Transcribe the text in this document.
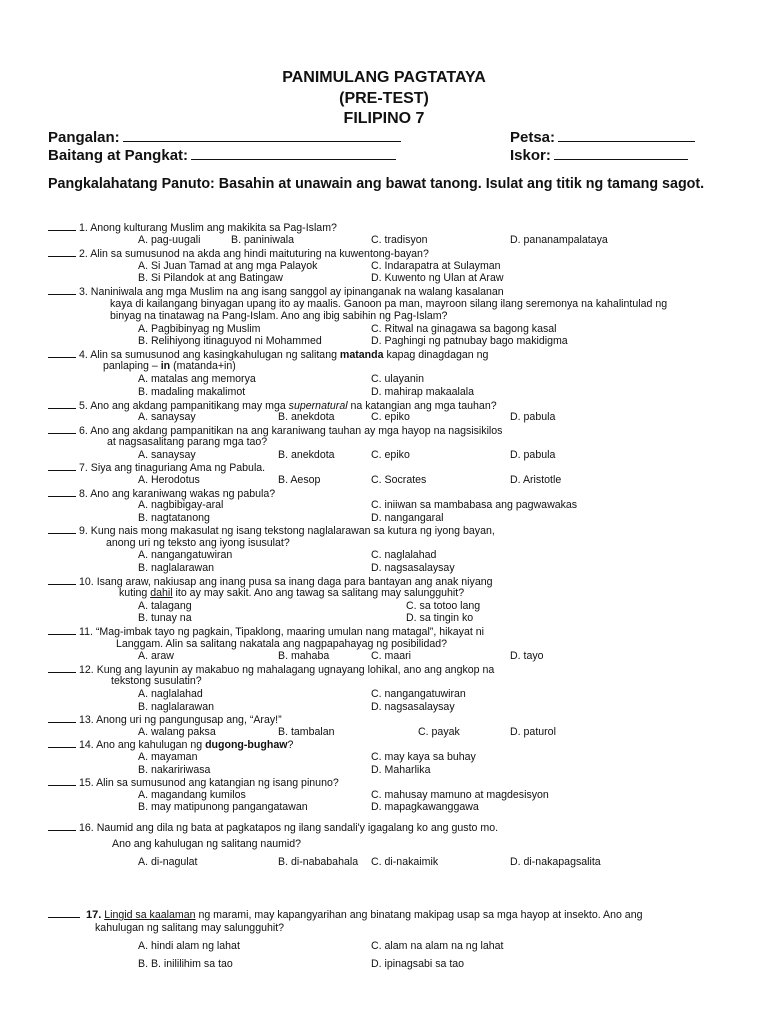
PANIMULANG PAGTATAYA
(PRE-TEST)
FILIPINO 7
Pangalan:	Petsa:
Baitang at Pangkat:	Iskor:
Pangkalahatang Panuto: Basahin at unawain ang bawat tanong. Isulat ang titik ng tamang sagot.
1. Anong kulturang Muslim ang makikita sa Pag-Islam?
A. pag-uugali	B. paniniwala	C. tradisyon	D. pananampalataya
2. Alin sa sumusunod na akda ang hindi maituturing na kuwentong-bayan?
A. Si Juan Tamad at ang mga Palayok
B. Si Pilandok at ang Batingaw
C. Indarapatra at Sulayman
D. Kuwento ng Ulan at Araw
3. Naniniwala ang mga Muslim na ang isang sanggol ay ipinanganak na walang kasalanan
kaya di kailangang binyagan upang ito ay maalis. Ganoon pa man, mayroon silang ilang seremonya na kahalintulad ng
binyag na tinatawag na Pang-Islam. Ano ang ibig sabihin ng Pag-Islam?
A. Pagbibinyag ng Muslim
B. Relihiyong itinaguyod ni Mohammed
C. Ritwal na ginagawa sa bagong kasal
D. Paghingi ng patnubay bago makidigma
4. Alin sa sumusunod ang kasingkahulugan ng salitang matanda kapag dinagdagan ng
panlaping – in (matanda+in)
A. matalas ang memorya
B. madaling makalimot
C. ulayanin
D. mahirap makaalala
5. Ano ang akdang pampanitikang may mga supernatural na katangian ang mga tauhan?
A. sanaysay	B. anekdota	C. epiko	D. pabula
6. Ano ang akdang pampanitikan na ang karaniwang tauhan ay mga hayop na nagsisikilos
at nagsasalitang parang mga tao?
A. sanaysay	B. anekdota	C. epiko	D. pabula
7. Siya ang tinaguriang Ama ng Pabula.
A. Herodotus	B. Aesop	C. Socrates	D. Aristotle
8. Ano ang karaniwang wakas ng pabula?
A. nagbibigay-aral
B. nagtatanong
C. iniiwan sa mambabasa ang pagwawakas
D. nangangaral
9. Kung nais mong makasulat ng isang tekstong naglalarawan sa kutura ng iyong bayan,
anong uri ng teksto ang iyong isusulat?
A. nangangatuwiran
B. naglalarawan
C. naglalahad
D. nagsasalaysay
10. Isang araw, nakiusap ang inang pusa sa inang daga para bantayan ang anak niyang
kuting dahil ito ay may sakit. Ano ang tawag sa salitang may salungguhit?
A. talagang
B. tunay na
C. sa totoo lang
D. sa tingin ko
11. “Mag-imbak tayo ng pagkain, Tipaklong, maaring umulan nang matagal”, hikayat ni
Langgam. Alin sa salitang nakatala ang nagpapahayag ng posibilidad?
A. araw	B. mahaba	C. maari	D. tayo
12. Kung ang layunin ay makabuo ng mahalagang ugnayang lohikal, ano ang angkop na
tekstong susulatin?
A. naglalahad
B. naglalarawan
C. nangangatuwiran
D. nagsasalaysay
13. Anong uri ng pangungusap ang, “Aray!”
A. walang paksa	B. tambalan	C. payak	D. paturol
14. Ano ang kahulugan ng dugong-bughaw?
A. mayaman
B. nakaririwasa
C. may kaya sa buhay
D. Maharlika
15. Alin sa sumusunod ang katangian ng isang pinuno?
A. magandang kumilos
B. may matipunong pangangatawan
C. mahusay mamuno at magdesisyon
D. mapagkawanggawa
16. Naumid ang dila ng bata at pagkatapos ng ilang sandali'y igagalang ko ang gusto mo.
Ano ang kahulugan ng salitang naumid?
A. di-nagulat	B. di-nababahala C. di-nakaimik	D. di-nakapagsalita
17. Lingid sa kaalaman ng marami, may kapangyarihan ang binatang makipag usap sa mga hayop at insekto. Ano ang
kahulugan ng salitang may salungguhit?
A. hindi alam ng lahat
B. B. inililihim sa tao
C. alam na alam na ng lahat
D. ipinagsabi sa tao
